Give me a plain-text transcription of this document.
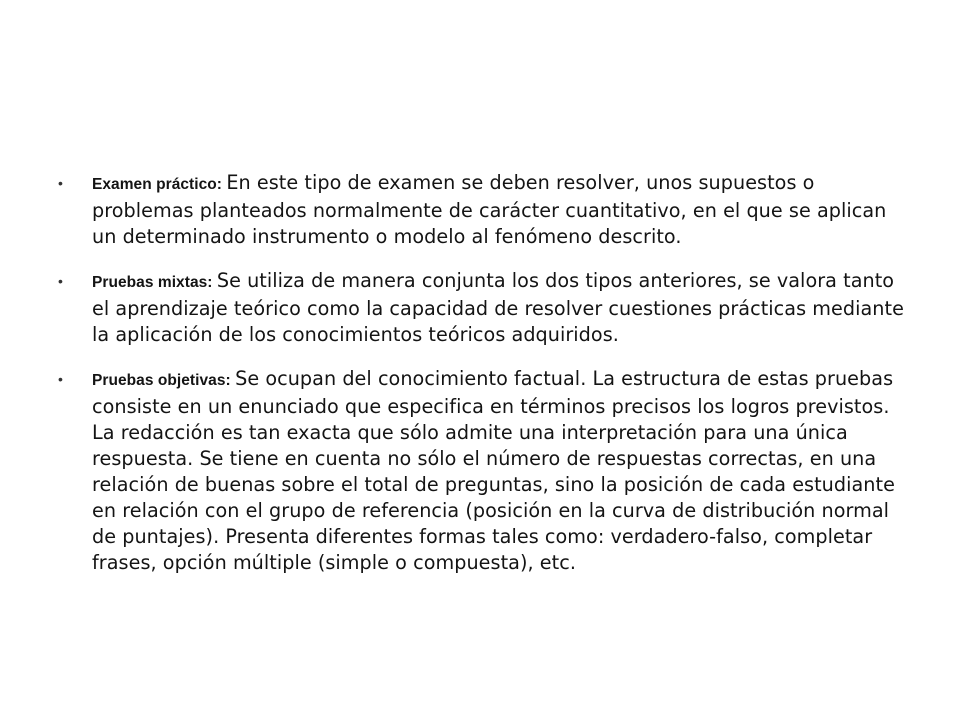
• Examen práctico: En este tipo de examen se deben resolver, unos supuestos o problemas planteados normalmente de carácter cuantitativo, en el que se aplican un determinado instrumento o modelo al fenómeno descrito.
• Pruebas mixtas: Se utiliza de manera conjunta los dos tipos anteriores, se valora tanto el aprendizaje teórico como la capacidad de resolver cuestiones prácticas mediante la aplicación de los conocimientos teóricos adquiridos.
• Pruebas objetivas: Se ocupan del conocimiento factual. La estructura de estas pruebas consiste en un enunciado que especifica en términos precisos los logros previstos. La redacción es tan exacta que sólo admite una interpretación para una única respuesta. Se tiene en cuenta no sólo el número de respuestas correctas, en una relación de buenas sobre el total de preguntas, sino la posición de cada estudiante en relación con el grupo de referencia (posición en la curva de distribución normal de puntajes). Presenta diferentes formas tales como: verdadero-falso, completar frases, opción múltiple (simple o compuesta), etc.
